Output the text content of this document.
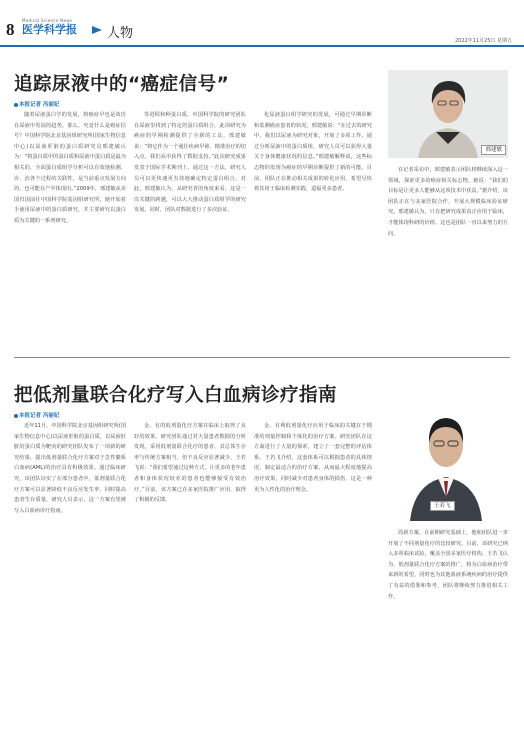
8 Medical Science News
医学科学报 人物	2022年11月25日 星期五
追踪尿液中的“癌症信号”
本报记者 冯丽妃
随着尿液蛋白学的发展，将癌症早也是效仿在尿液中发展的趋势。那么，究竟什么是癌症信号？中国科学院北京基因组研究所(国家生物信息中心)以尿液肝脏的蛋白质研究员邢建敏认为：“将蛋白质中的蛋白质和尿液中蛋白质是最为相关的，全面蛋白质组学分析可以有效地检测、诊、治各个过程的关联性，是当前重点发展方向的，也可能在产中体现出。”2009年，邢建敏从美国归国前往中国科学院基因组研究所，她开始着手使用尿液中的蛋白质研究，并主要研究以蛋白质为关键的一系列研究。
等进程和种蛋白质。中国科学院的研究团队在尿液里找到了特定的蛋白质组合，此项研究为癌症的早期检测提供了全新的工具。邢建敏说：“将它作为一个通往疾病早筛、精准治疗的切入点，我们从中获得了数据支持。”此次研究成果发表于国际学术期刊上，通过这一方法，研究人员可以更快速更有效地确定特定蛋白组合。对此，邢建敏认为，从研究者的角度来看，这是一次关键的跨越，可以大大推动蛋白质组学的研究发展。同时，团队对数据进行了多次验证。
化尿液蛋白组学研究的发展，可通过早期诊断和监测癌症患者的状况。邢建敏说：“在过去的研究中，我们以尿液为研究对象，开展了多项工作。通过分析尿液中的蛋白质组，研究人员可以获得大量关于身体健康状况的信息。”邢建敏解释说，这些标志物的发现为癌症的早期诊断提供了新的可能。目前，团队正在推动相关成果的转化应用，希望尽快将其用于临床检测实践，造福更多患者。
邢建敏
在记者采访中，邢建敏表示团队将继续深入这一领域，探索更多的癌症相关标志物。她说：“我们的目标是让更多人能够从这项技术中获益。”据介绍，该团队正在与多家医院合作，开展大规模临床验证研究。邢建敏认为，只有把研究成果真正应用于临床，才能体现科研的价值，这也是团队一直以来努力的方向。
把低剂量联合化疗写入白血病诊疗指南
本报记者 冯丽妃
近年11月，中国科学院北京基因组研究所(国家生物信息中心)以尿液肝脏的蛋白质，以尿液肝脏的蛋白质为靶向的研究团队发布了一项新的研究结果，提出低剂量联合化疗方案对于急性髓系白血病(AML)的治疗具有积极效果。通过临床研究，该团队证实了在部分患者中，低剂量联合化疗方案可以显著降低不良反应发生率，同时提高患者生存质量。研究人员表示，这一方案有望被写入白血病诊疗指南。
金，有的低剂量化疗方案在临床上取得了良好的效果。研究团队通过对大量患者数据的分析发现，采用低剂量联合化疗的患者，其总体生存率与传统方案相当，但不良反应显著减少。王若飞说：“我们希望通过这种方式，让更多的老年患者和身体状况较差的患者也能够接受有效治疗。”目前，该方案已在多家医院推广应用，取得了积极的反馈。
金，有利低剂量化疗应用于临床的关键在于精准的剂量控制和个体化的治疗方案。研究团队在这方面进行了大量的探索，建立了一套完整的评估体系。王若飞介绍，这套体系可以根据患者的具体情况，制定最适合的治疗方案，从而最大程度地提高治疗效果，同时减少对患者身体的损伤，这是一种更为人性化的治疗理念。
王若飞
的新方案，在前期研究基础上，他和团队进一步开展了不同剂量化疗的比较研究。目前，该研究已纳入多项临床试验，覆盖全国多家医疗机构。王若飞认为，低剂量联合化疗方案的推广，将为白血病治疗带来新的希望，同时也为其他血液系统疾病的治疗提供了有益的借鉴和参考，团队将继续努力推进相关工作。
